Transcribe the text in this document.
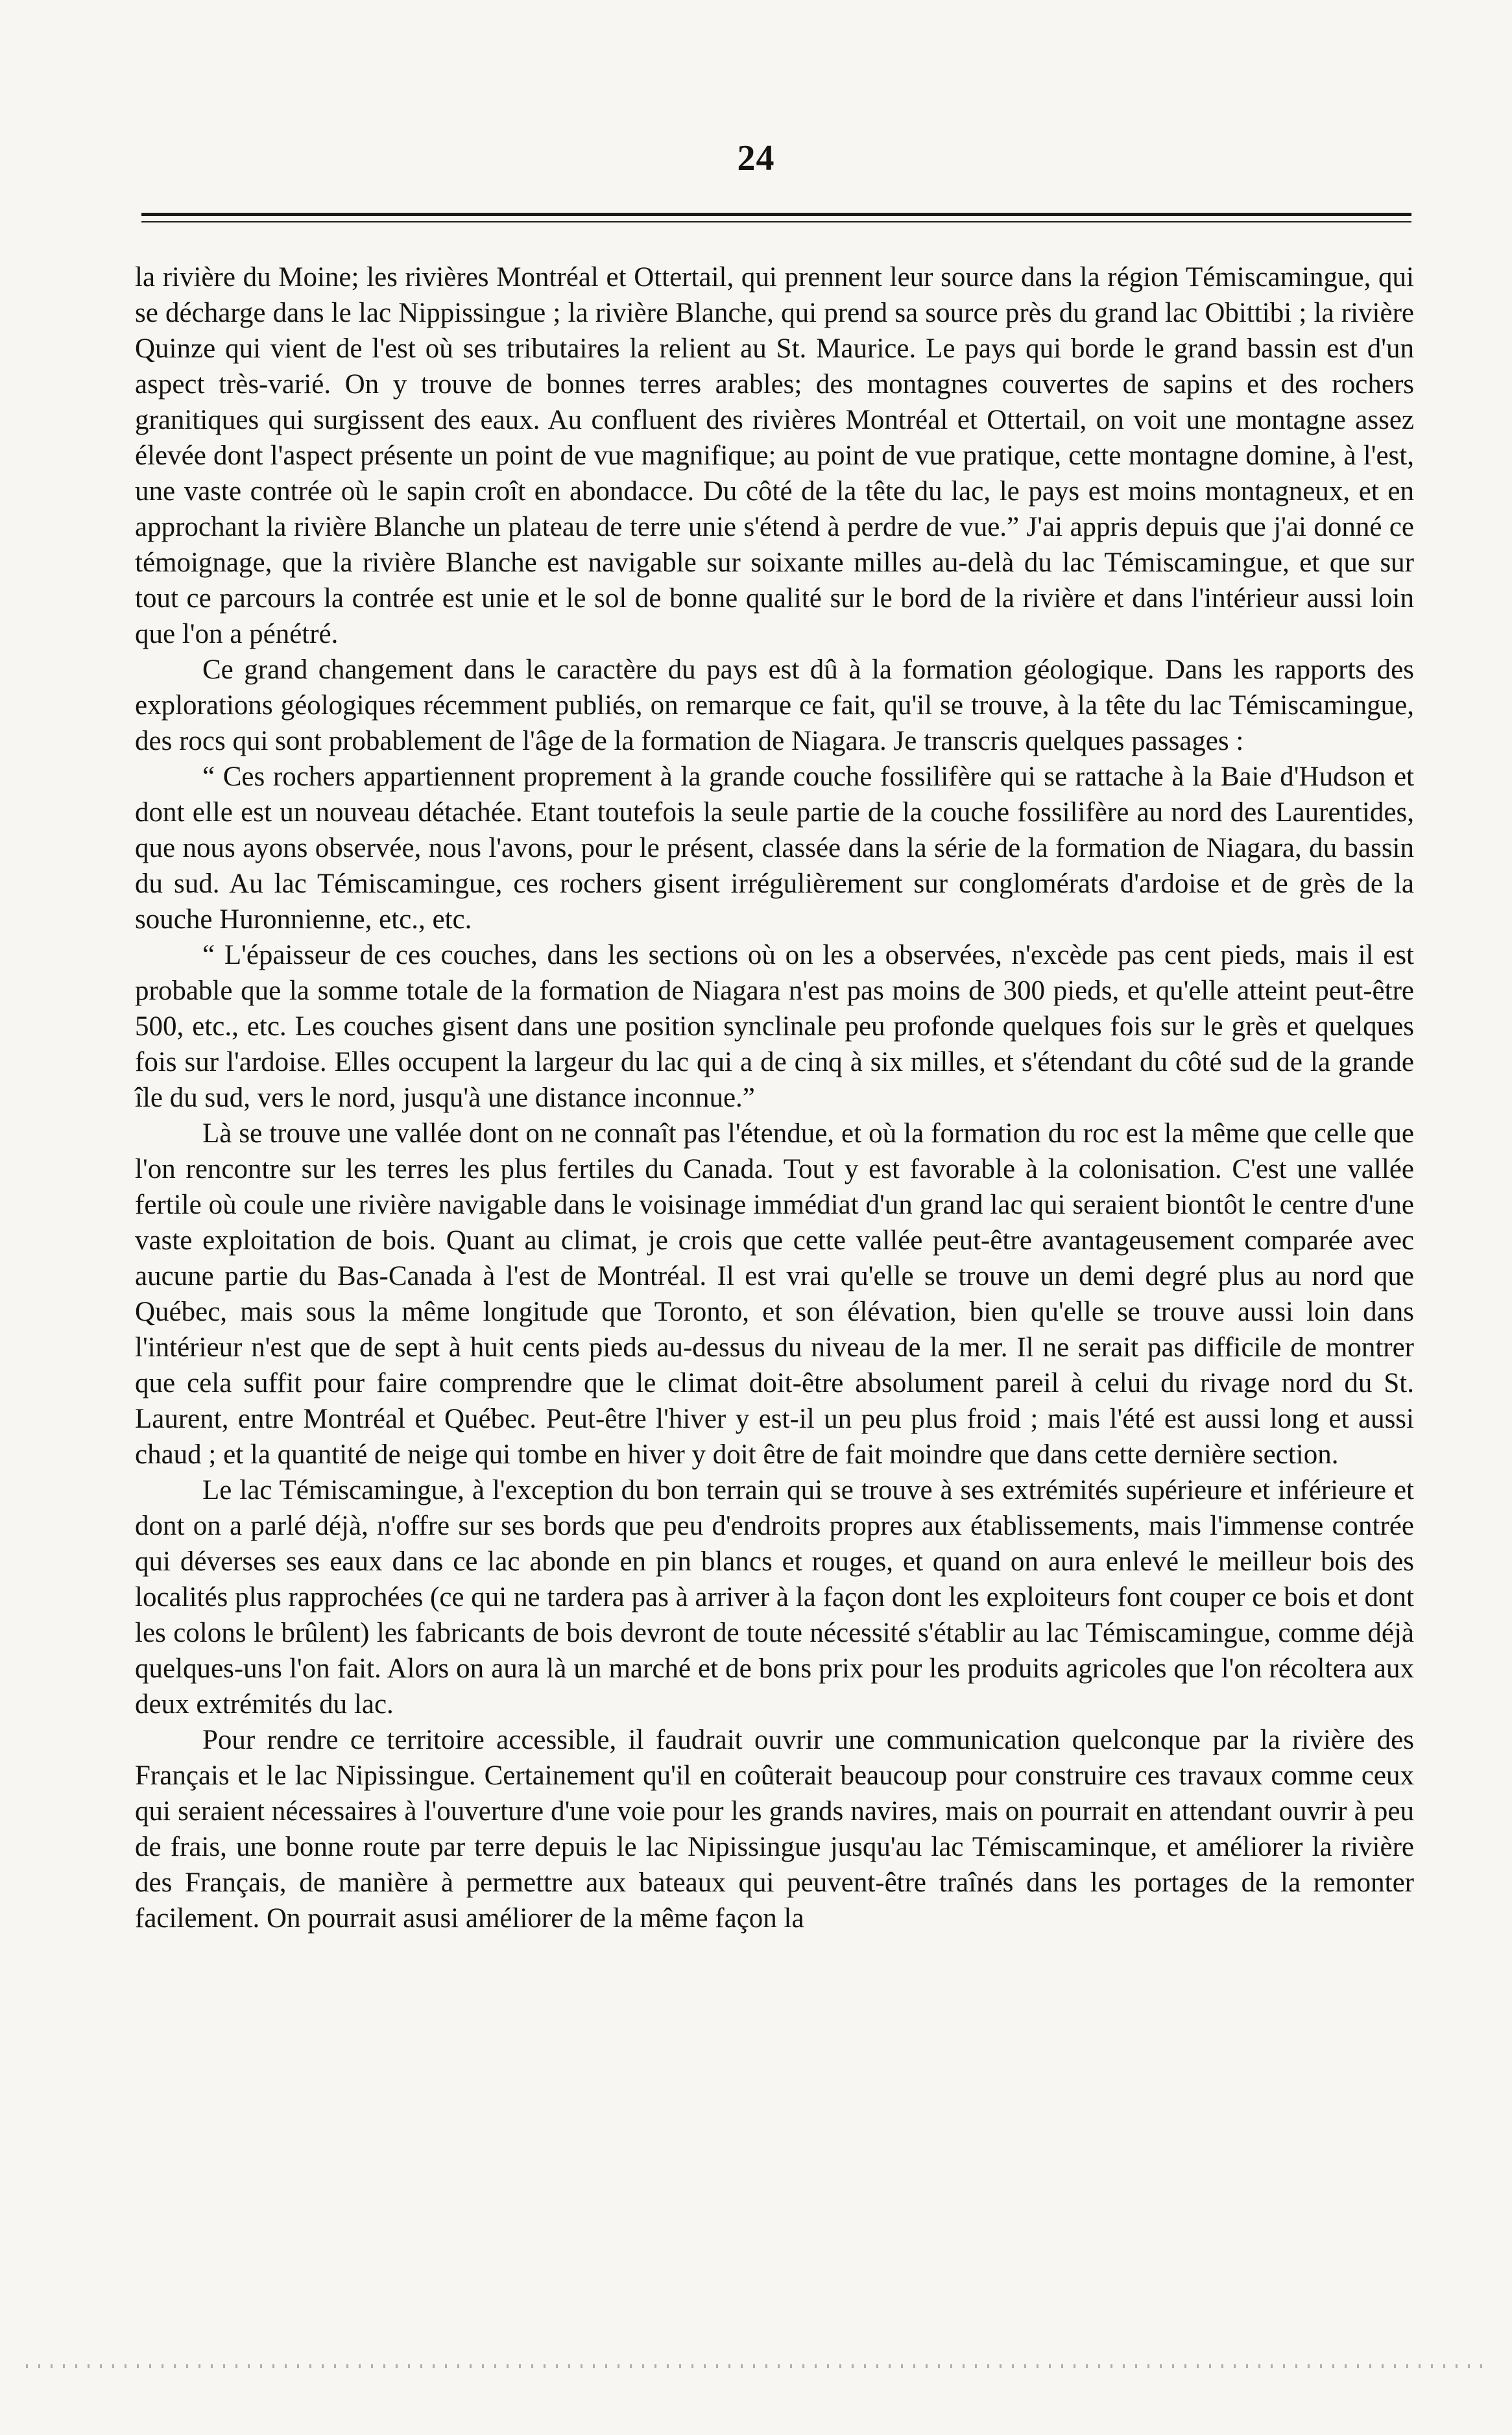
24

la rivière du Moine; les rivières Montréal et Ottertail, qui prennent leur source dans la région Témiscamingue, qui se décharge dans le lac Nippissingue ; la rivière Blanche, qui prend sa source près du grand lac Obittibi ; la rivière Quinze qui vient de l'est où ses tributaires la relient au St. Maurice. Le pays qui borde le grand bassin est d'un aspect très-varié. On y trouve de bonnes terres arables; des montagnes couvertes de sapins et des rochers granitiques qui surgissent des eaux. Au confluent des rivières Montréal et Ottertail, on voit une montagne assez élevée dont l'aspect présente un point de vue magnifique; au point de vue pratique, cette montagne domine, à l'est, une vaste contrée où le sapin croît en abondacce. Du côté de la tête du lac, le pays est moins montagneux, et en approchant la rivière Blanche un plateau de terre unie s'étend à perdre de vue.” J'ai appris depuis que j'ai donné ce témoignage, que la rivière Blanche est navigable sur soixante milles au-delà du lac Témiscamingue, et que sur tout ce parcours la contrée est unie et le sol de bonne qualité sur le bord de la rivière et dans l'intérieur aussi loin que l'on a pénétré.

Ce grand changement dans le caractère du pays est dû à la formation géologique. Dans les rapports des explorations géologiques récemment publiés, on remarque ce fait, qu'il se trouve, à la tête du lac Témiscamingue, des rocs qui sont probablement de l'âge de la formation de Niagara. Je transcris quelques passages :

“ Ces rochers appartiennent proprement à la grande couche fossilifère qui se rattache à la Baie d'Hudson et dont elle est un nouveau détachée. Etant toutefois la seule partie de la couche fossilifère au nord des Laurentides, que nous ayons observée, nous l'avons, pour le présent, classée dans la série de la formation de Niagara, du bassin du sud. Au lac Témiscamingue, ces rochers gisent irrégulièrement sur conglomérats d'ardoise et de grès de la souche Huronnienne, etc., etc.

“ L'épaisseur de ces couches, dans les sections où on les a observées, n'excède pas cent pieds, mais il est probable que la somme totale de la formation de Niagara n'est pas moins de 300 pieds, et qu'elle atteint peut-être 500, etc., etc. Les couches gisent dans une position synclinale peu profonde quelques fois sur le grès et quelques fois sur l'ardoise. Elles occupent la largeur du lac qui a de cinq à six milles, et s'étendant du côté sud de la grande île du sud, vers le nord, jusqu'à une distance inconnue.”

Là se trouve une vallée dont on ne connaît pas l'étendue, et où la formation du roc est la même que celle que l'on rencontre sur les terres les plus fertiles du Canada. Tout y est favorable à la colonisation. C'est une vallée fertile où coule une rivière navigable dans le voisinage immédiat d'un grand lac qui seraient biontôt le centre d'une vaste exploitation de bois. Quant au climat, je crois que cette vallée peut-être avantageusement comparée avec aucune partie du Bas-Canada à l'est de Montréal. Il est vrai qu'elle se trouve un demi degré plus au nord que Québec, mais sous la même longitude que Toronto, et son élévation, bien qu'elle se trouve aussi loin dans l'intérieur n'est que de sept à huit cents pieds au-dessus du niveau de la mer. Il ne serait pas difficile de montrer que cela suffit pour faire comprendre que le climat doit-être absolument pareil à celui du rivage nord du St. Laurent, entre Montréal et Québec. Peut-être l'hiver y est-il un peu plus froid ; mais l'été est aussi long et aussi chaud ; et la quantité de neige qui tombe en hiver y doit être de fait moindre que dans cette dernière section.

Le lac Témiscamingue, à l'exception du bon terrain qui se trouve à ses extrémités supérieure et inférieure et dont on a parlé déjà, n'offre sur ses bords que peu d'endroits propres aux établissements, mais l'immense contrée qui déverses ses eaux dans ce lac abonde en pin blancs et rouges, et quand on aura enlevé le meilleur bois des localités plus rapprochées (ce qui ne tardera pas à arriver à la façon dont les exploiteurs font couper ce bois et dont les colons le brûlent) les fabricants de bois devront de toute nécessité s'établir au lac Témiscamingue, comme déjà quelques-uns l'on fait. Alors on aura là un marché et de bons prix pour les produits agricoles que l'on récoltera aux deux extrémités du lac.

Pour rendre ce territoire accessible, il faudrait ouvrir une communication quelconque par la rivière des Français et le lac Nipissingue. Certainement qu'il en coûterait beaucoup pour construire ces travaux comme ceux qui seraient nécessaires à l'ouverture d'une voie pour les grands navires, mais on pourrait en attendant ouvrir à peu de frais, une bonne route par terre depuis le lac Nipissingue jusqu'au lac Témiscaminque, et améliorer la rivière des Français, de manière à permettre aux bateaux qui peuvent-être traînés dans les portages de la remonter facilement. On pourrait asusi améliorer de la même façon la
